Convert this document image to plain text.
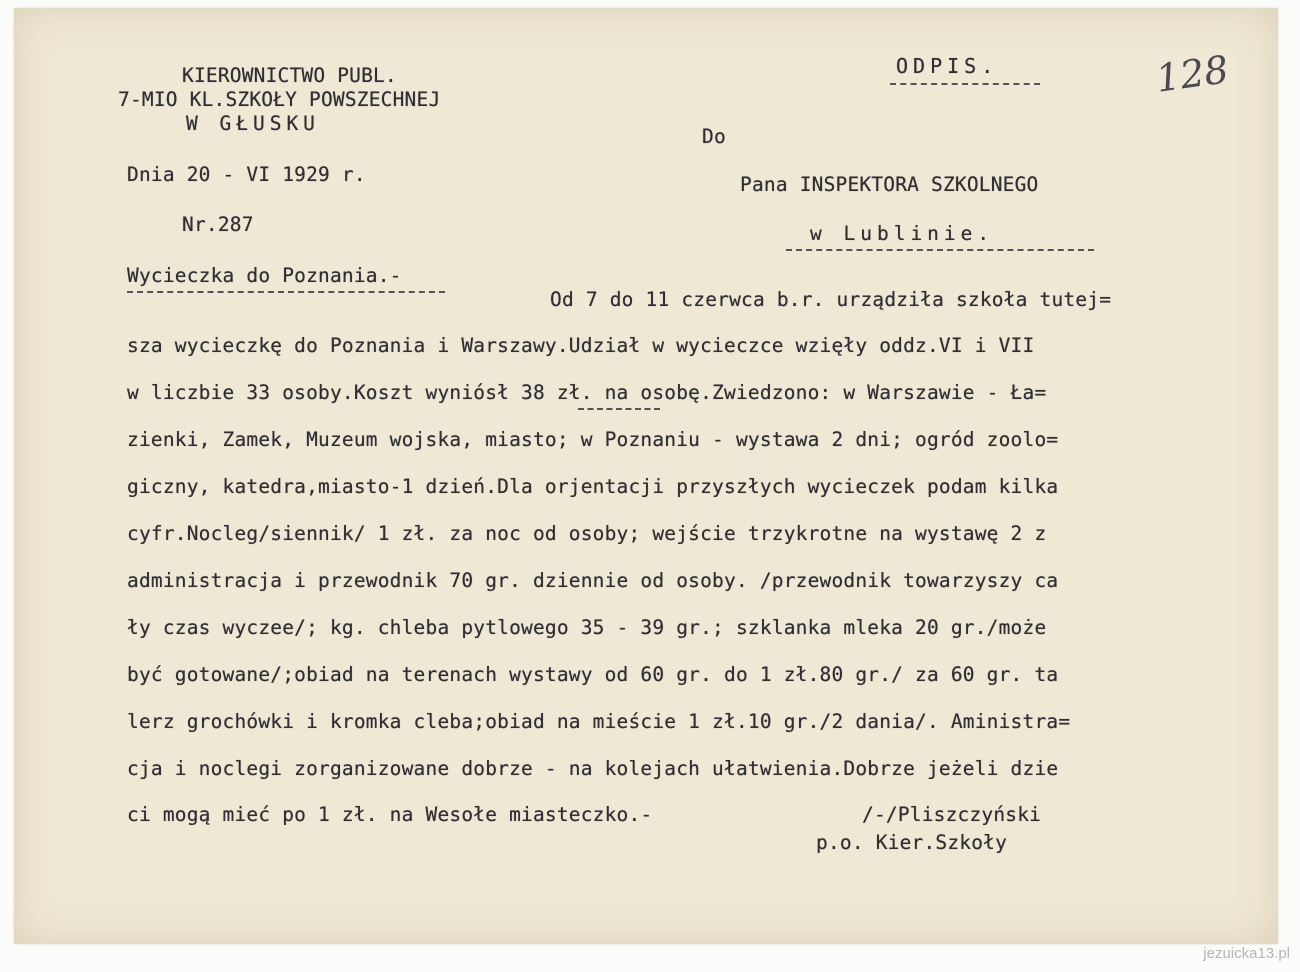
KIEROWNICTWO PUBL.
7-MIO KL.SZKOŁY POWSZECHNEJ
W GŁUSKU
Dnia 20 - VI 1929 r.
Nr.287
Wycieczka do Poznania.-
ODPIS.	128
Do
Pana INSPEKTORA SZKOLNEGO
w Lublinie.
Od 7 do 11 czerwca b.r. urządziła szkoła tutej=
sza wycieczkę do Poznania i Warszawy.Udział w wycieczce wzięły oddz.VI i VII
w liczbie 33 osoby.Koszt wyniósł 38 zł. na osobę.Zwiedzono: w Warszawie - Ła=
zienki, Zamek, Muzeum wojska, miasto; w Poznaniu - wystawa 2 dni; ogród zoolo=
giczny, katedra,miasto-1 dzień.Dla orjentacji przyszłych wycieczek podam kilka
cyfr.Nocleg/siennik/ 1 zł. za noc od osoby; wejście trzykrotne na wystawę 2 z
administracja i przewodnik 70 gr. dziennie od osoby. /przewodnik towarzyszy ca
ły czas wyczee/; kg. chleba pytlowego 35 - 39 gr.; szklanka mleka 20 gr./może
być gotowane/;obiad na terenach wystawy od 60 gr. do 1 zł.80 gr./ za 60 gr. ta
lerz grochówki i kromka cleba;obiad na mieście 1 zł.10 gr./2 dania/. Aministra=
cja i noclegi zorganizowane dobrze - na kolejach ułatwienia.Dobrze jeżeli dzie
ci mogą mieć po 1 zł. na Wesołe miasteczko.-	/-/Pliszczyński
p.o. Kier.Szkoły
jezuicka13.pl
